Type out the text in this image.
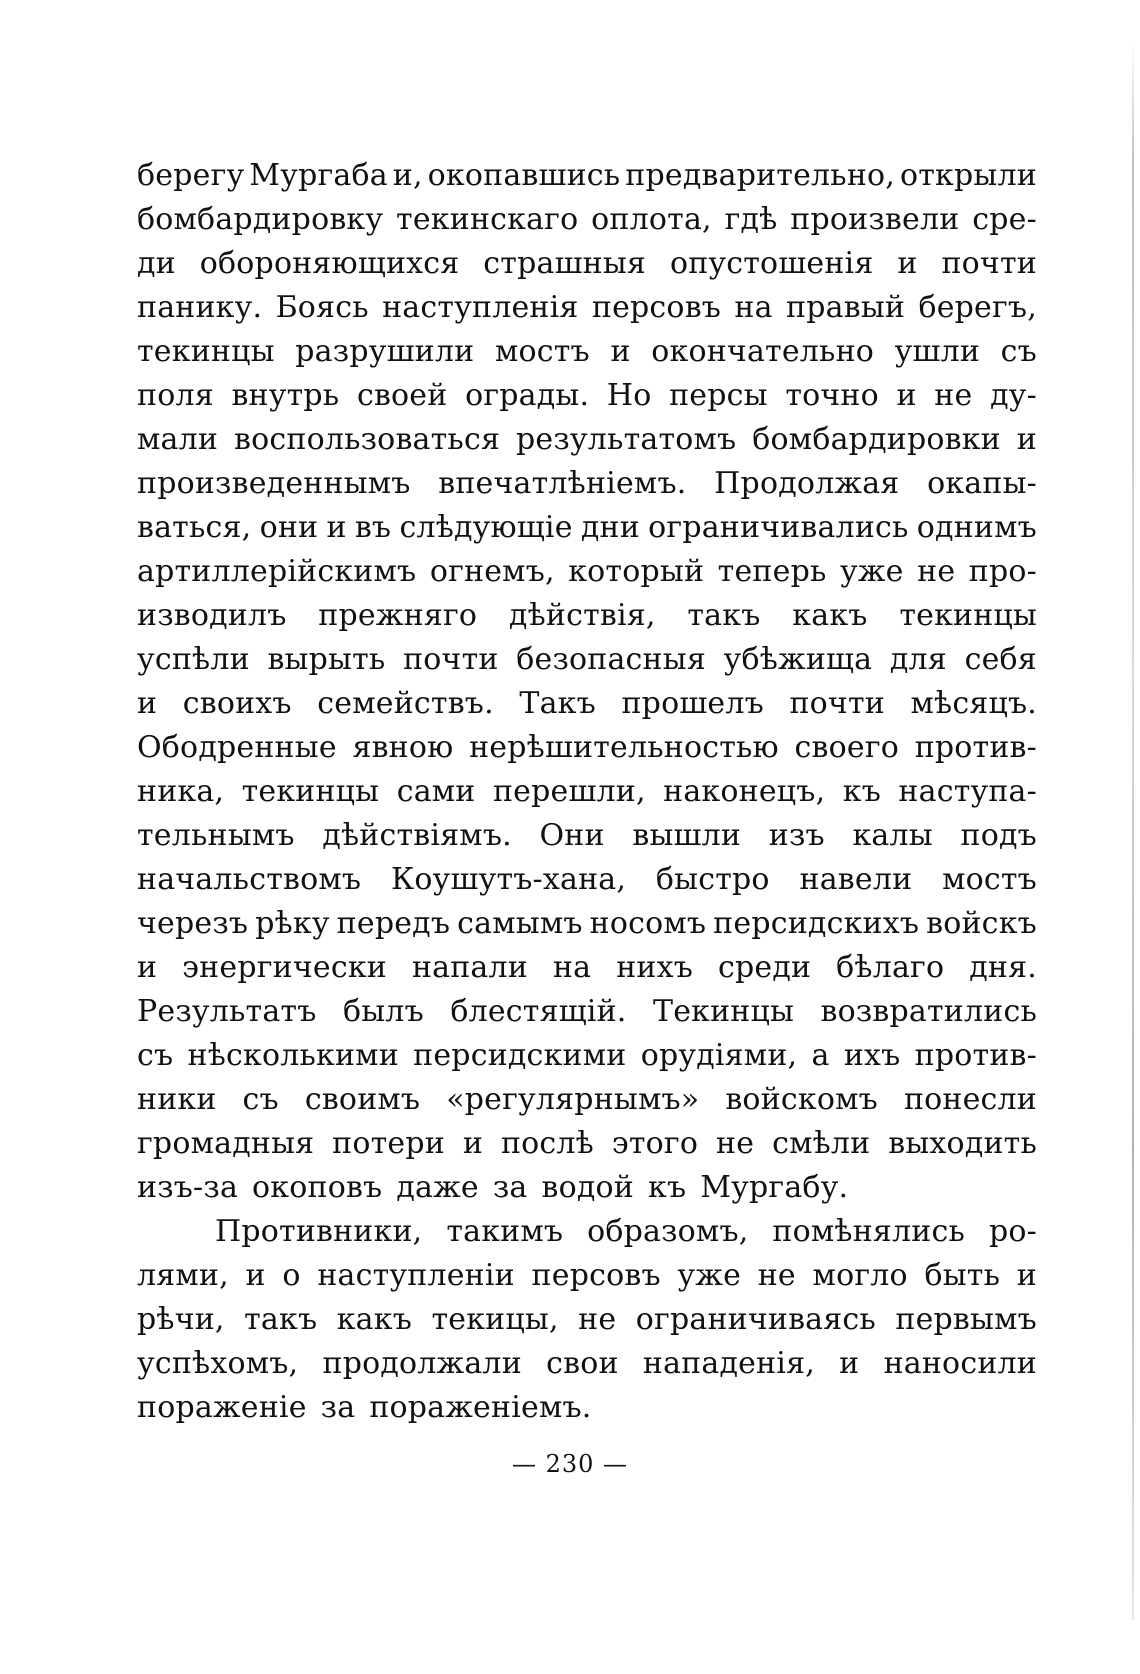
берегу Мургаба и, окопавшись предварительно, открыли
бомбардировку текинскаго оплота, гдѣ произвели сре-
ди обороняющихся страшныя опустошенія и почти
панику. Боясь наступленія персовъ на правый берегъ,
текинцы разрушили мостъ и окончательно ушли съ
поля внутрь своей ограды. Но персы точно и не ду-
мали воспользоваться результатомъ бомбардировки и
произведеннымъ впечатлѣніемъ. Продолжая окапы-
ваться, они и въ слѣдующіе дни ограничивались однимъ
артиллерійскимъ огнемъ, который теперь уже не про-
изводилъ прежняго дѣйствія, такъ какъ текинцы
успѣли вырыть почти безопасныя убѣжища для себя
и своихъ семействъ. Такъ прошелъ почти мѣсяцъ.
Ободренные явною нерѣшительностью своего против-
ника, текинцы сами перешли, наконецъ, къ наступа-
тельнымъ дѣйствіямъ. Они вышли изъ калы подъ
начальствомъ Коушутъ-хана, быстро навели мостъ
черезъ рѣку передъ самымъ носомъ персидскихъ войскъ
и энергически напали на нихъ среди бѣлаго дня.
Результатъ былъ блестящій. Текинцы возвратились
съ нѣсколькими персидскими орудіями, а ихъ против-
ники съ своимъ «регулярнымъ» войскомъ понесли
громадныя потери и послѣ этого не смѣли выходить
изъ-за окоповъ даже за водой къ Мургабу.
Противники, такимъ образомъ, помѣнялись ро-
лями, и о наступленіи персовъ уже не могло быть и
рѣчи, такъ какъ текицы, не ограничиваясь первымъ
успѣхомъ, продолжали свои нападенія, и наносили
пораженіе за пораженіемъ.
— 230 —
